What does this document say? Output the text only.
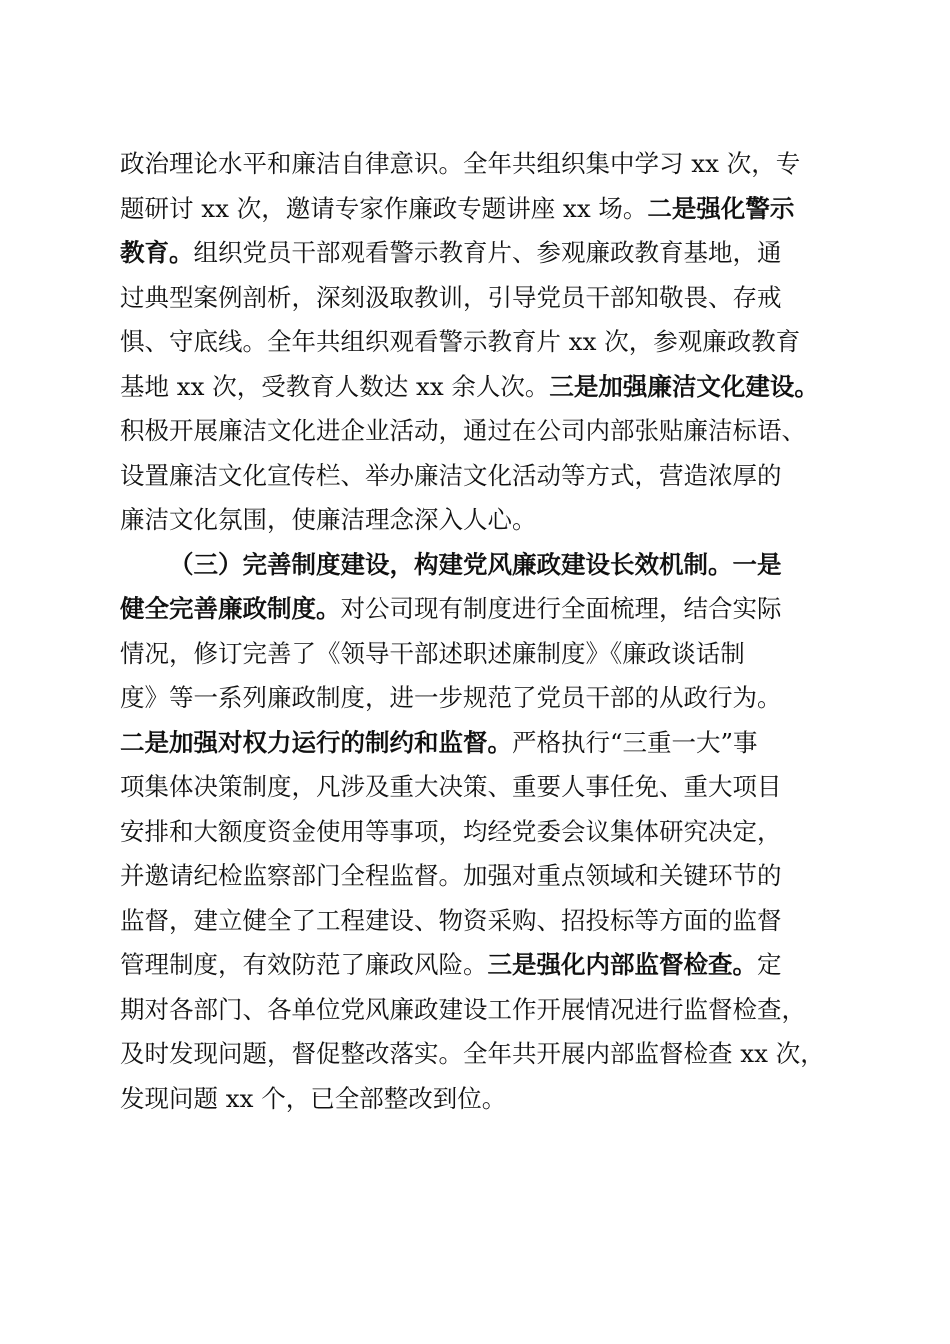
政治理论水平和廉洁自律意识。全年共组织集中学习 xx 次，专
题研讨 xx 次，邀请专家作廉政专题讲座 xx 场。二是强化警示
教育。组织党员干部观看警示教育片、参观廉政教育基地，通
过典型案例剖析，深刻汲取教训，引导党员干部知敬畏、存戒
惧、守底线。全年共组织观看警示教育片 xx 次，参观廉政教育
基地 xx 次，受教育人数达 xx 余人次。三是加强廉洁文化建设。
积极开展廉洁文化进企业活动，通过在公司内部张贴廉洁标语、
设置廉洁文化宣传栏、举办廉洁文化活动等方式，营造浓厚的
廉洁文化氛围，使廉洁理念深入人心。
（三）完善制度建设，构建党风廉政建设长效机制。一是
健全完善廉政制度。对公司现有制度进行全面梳理，结合实际
情况，修订完善了《领导干部述职述廉制度》《廉政谈话制
度》等一系列廉政制度，进一步规范了党员干部的从政行为。
二是加强对权力运行的制约和监督。严格执行“三重一大”事
项集体决策制度，凡涉及重大决策、重要人事任免、重大项目
安排和大额度资金使用等事项，均经党委会议集体研究决定，
并邀请纪检监察部门全程监督。加强对重点领域和关键环节的
监督，建立健全了工程建设、物资采购、招投标等方面的监督
管理制度，有效防范了廉政风险。三是强化内部监督检查。定
期对各部门、各单位党风廉政建设工作开展情况进行监督检查，
及时发现问题，督促整改落实。全年共开展内部监督检查 xx 次，
发现问题 xx 个，已全部整改到位。
